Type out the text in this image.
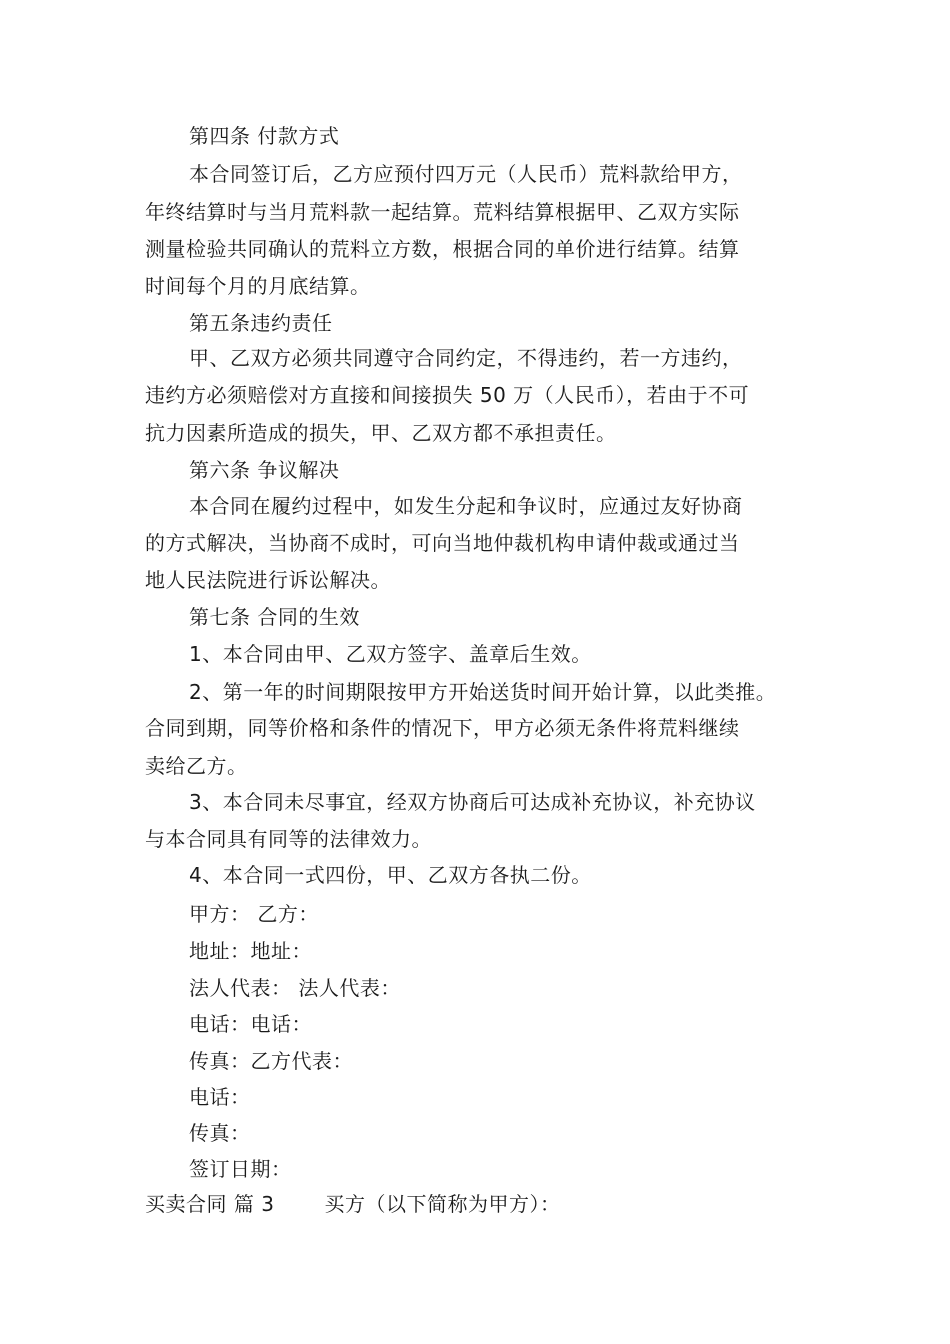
第四条 付款方式
本合同签订后，乙方应预付四万元（人民币）荒料款给甲方，
年终结算时与当月荒料款一起结算。荒料结算根据甲、乙双方实际
测量检验共同确认的荒料立方数，根据合同的单价进行结算。结算
时间每个月的月底结算。
第五条违约责任
甲、乙双方必须共同遵守合同约定，不得违约，若一方违约，
违约方必须赔偿对方直接和间接损失 50 万（人民币），若由于不可
抗力因素所造成的损失，甲、乙双方都不承担责任。
第六条 争议解决
本合同在履约过程中，如发生分起和争议时，应通过友好协商
的方式解决，当协商不成时，可向当地仲裁机构申请仲裁或通过当
地人民法院进行诉讼解决。
第七条 合同的生效
1、本合同由甲、乙双方签字、盖章后生效。
2、第一年的时间期限按甲方开始送货时间开始计算，以此类推。
合同到期，同等价格和条件的情况下，甲方必须无条件将荒料继续
卖给乙方。
3、本合同未尽事宜，经双方协商后可达成补充协议，补充协议
与本合同具有同等的法律效力。
4、本合同一式四份，甲、乙双方各执二份。
甲方： 乙方：
地址：地址：
法人代表： 法人代表：
电话：电话：
传真：乙方代表：
电话：
传真：
签订日期：
买卖合同 篇 3	买方（以下简称为甲方）：
